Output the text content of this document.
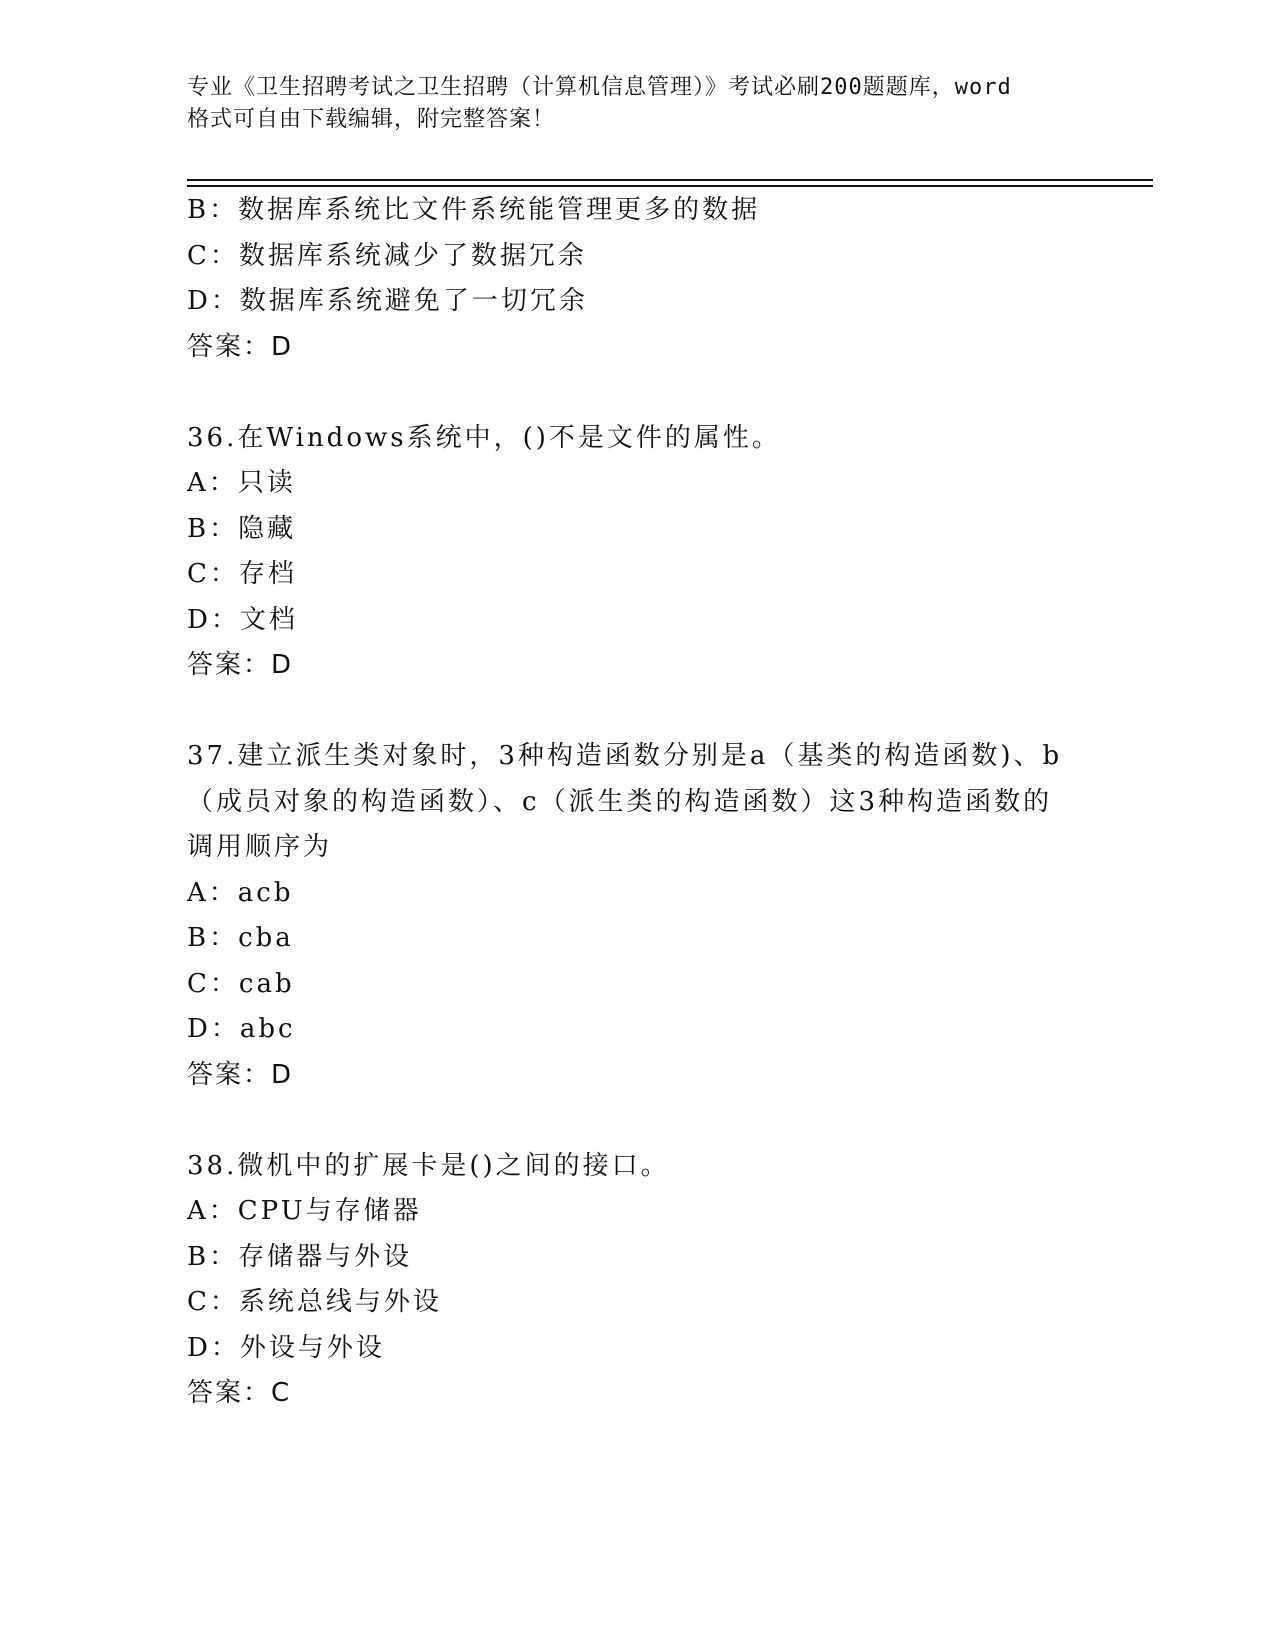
专业《卫生招聘考试之卫生招聘（计算机信息管理）》考试必刷200题题库，word
格式可自由下载编辑，附完整答案！
B：数据库系统比文件系统能管理更多的数据
C：数据库系统减少了数据冗余
D：数据库系统避免了一切冗余
答案：D
36.在Windows系统中，()不是文件的属性。
A：只读
B：隐藏
C：存档
D：文档
答案：D
37.建立派生类对象时，3种构造函数分别是a（基类的构造函数)、b
（成员对象的构造函数）、c（派生类的构造函数）这3种构造函数的
调用顺序为
A：acb
B：cba
C：cab
D：abc
答案：D
38.微机中的扩展卡是()之间的接口。
A：CPU与存储器
B：存储器与外设
C：系统总线与外设
D：外设与外设
答案：C
